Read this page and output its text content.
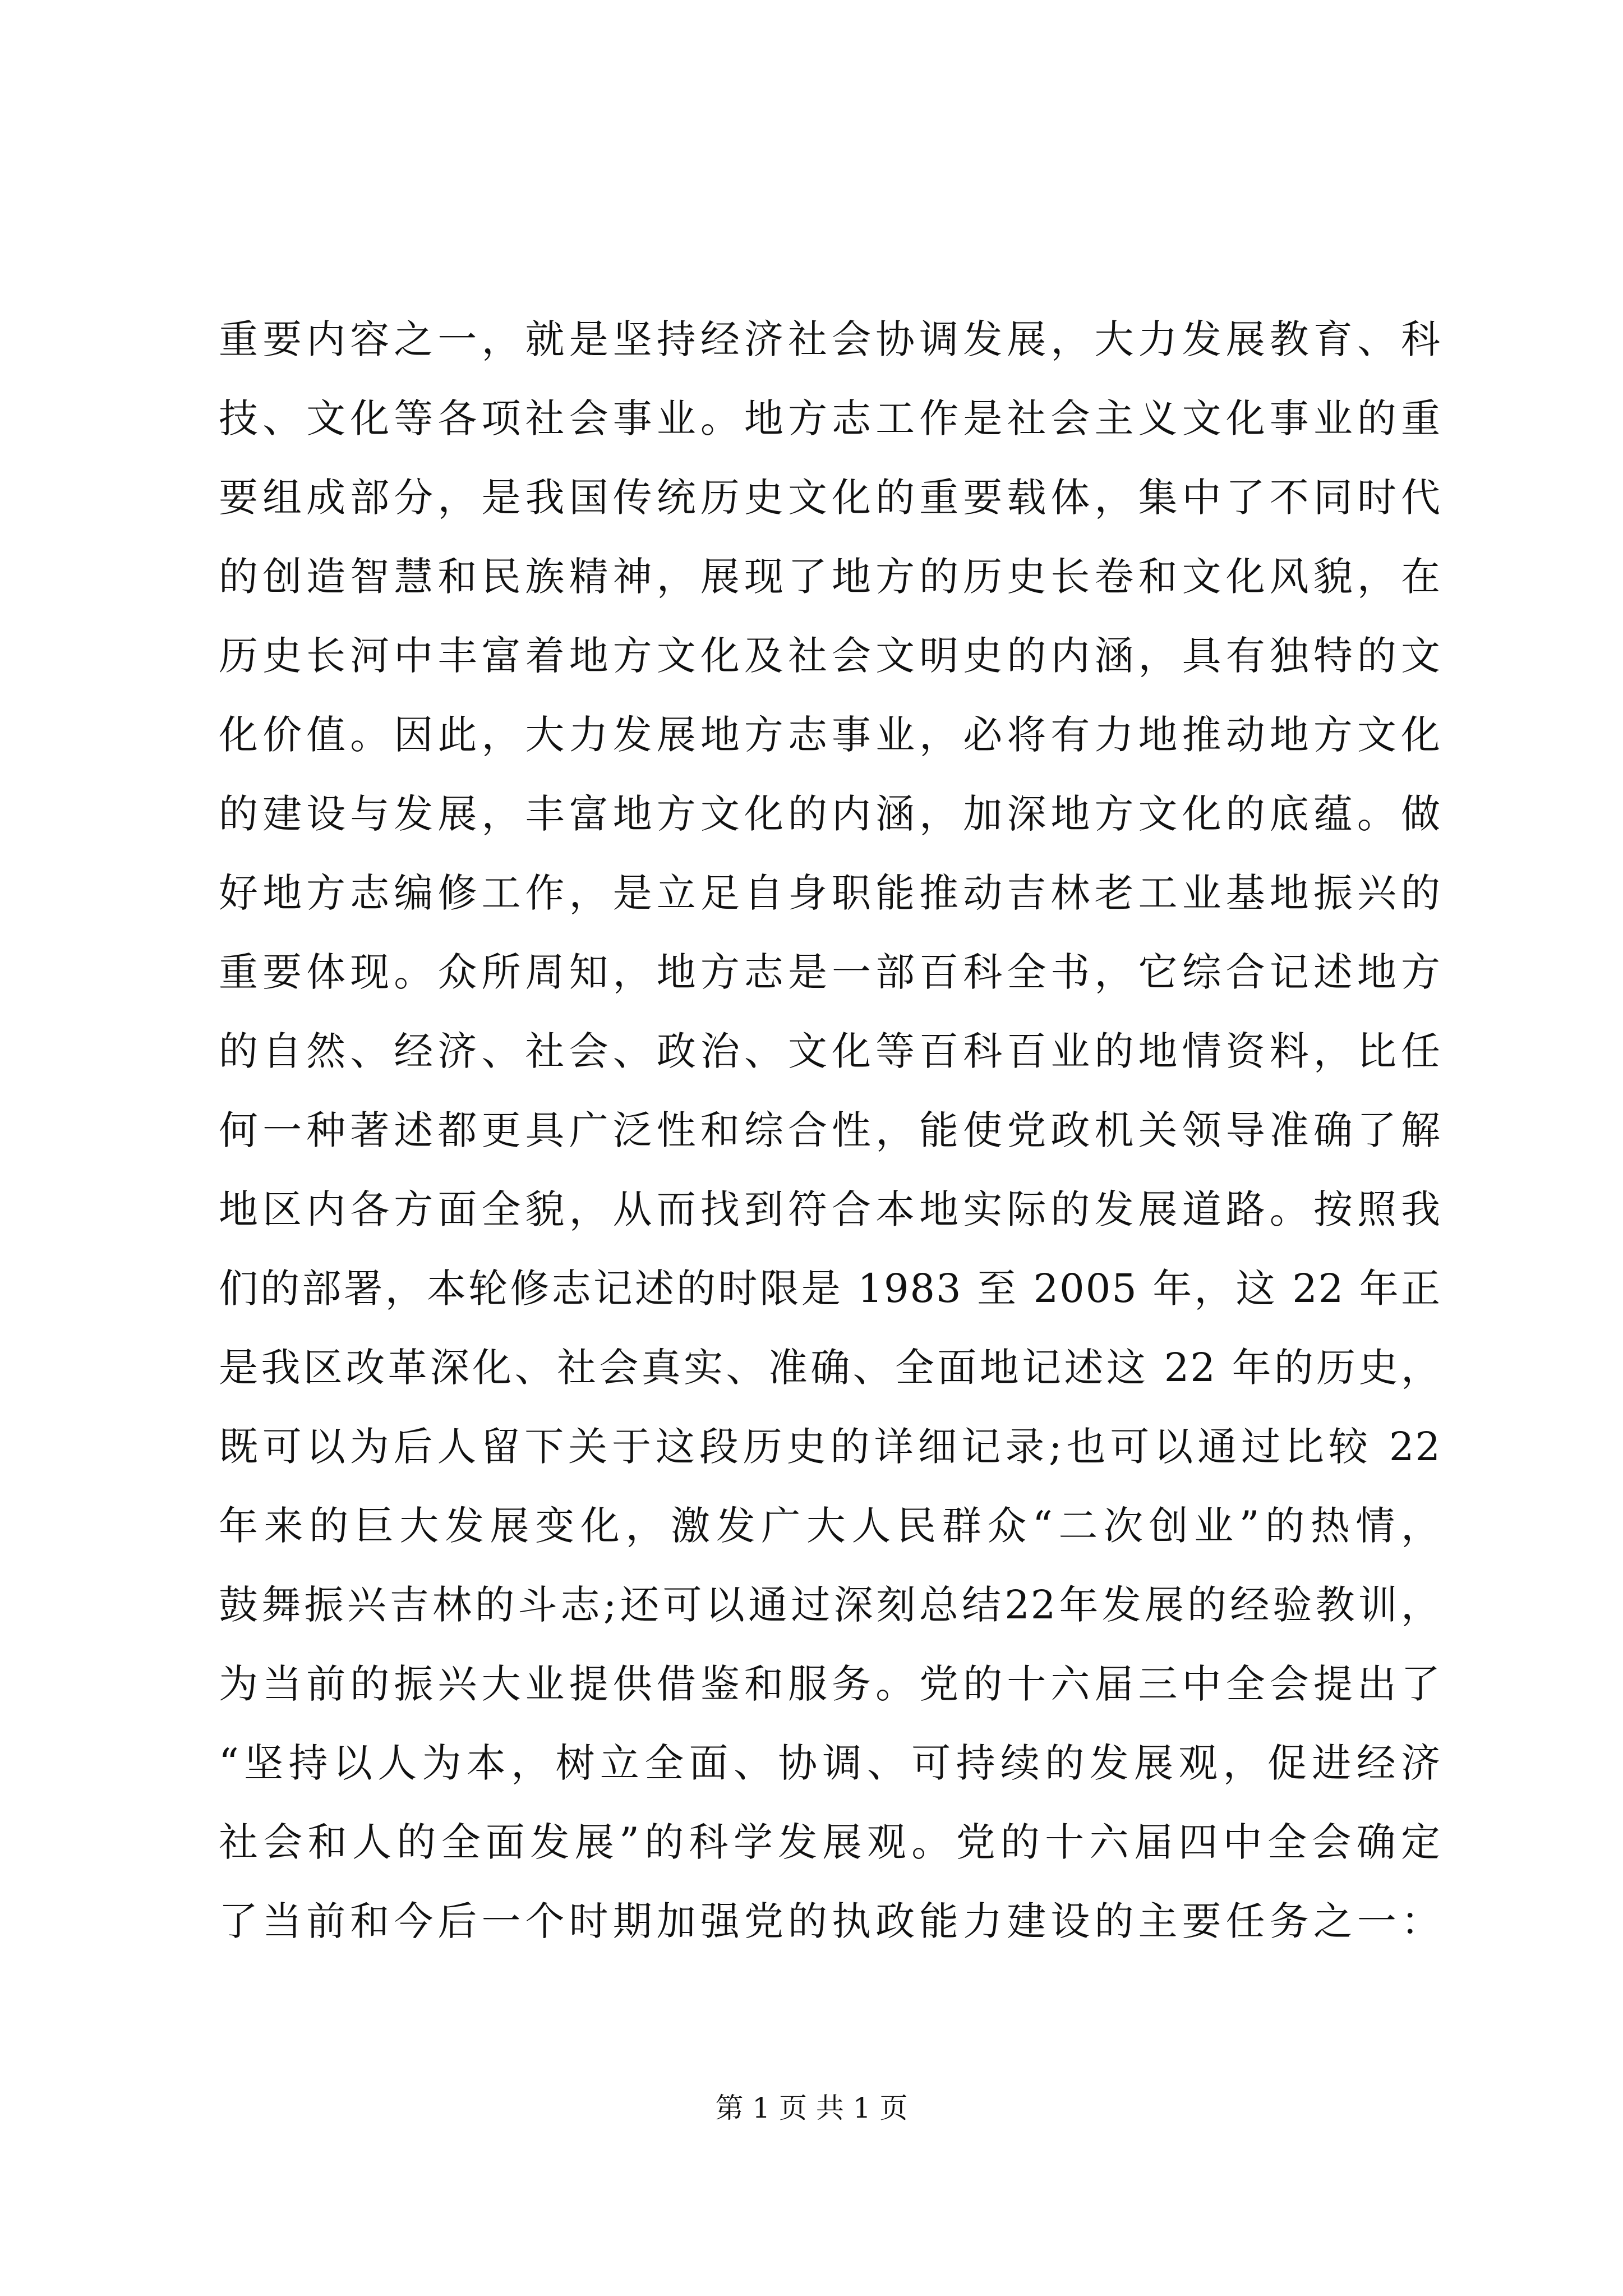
重要内容之一，就是坚持经济社会协调发展，大力发展教育、科
技、文化等各项社会事业。地方志工作是社会主义文化事业的重
要组成部分，是我国传统历史文化的重要载体，集中了不同时代
的创造智慧和民族精神，展现了地方的历史长卷和文化风貌，在
历史长河中丰富着地方文化及社会文明史的内涵，具有独特的文
化价值。因此，大力发展地方志事业，必将有力地推动地方文化
的建设与发展，丰富地方文化的内涵，加深地方文化的底蕴。做
好地方志编修工作，是立足自身职能推动吉林老工业基地振兴的
重要体现。众所周知，地方志是一部百科全书，它综合记述地方
的自然、经济、社会、政治、文化等百科百业的地情资料，比任
何一种著述都更具广泛性和综合性，能使党政机关领导准确了解
地区内各方面全貌，从而找到符合本地实际的发展道路。按照我
们的部署，本轮修志记述的时限是 1983 至 2005 年，这 22 年正
是我区改革深化、社会真实、准确、全面地记述这 22 年的历史，
既可以为后人留下关于这段历史的详细记录;也可以通过比较 22
年来的巨大发展变化，激发广大人民群众“二次创业”的热情，
鼓舞振兴吉林的斗志;还可以通过深刻总结22年发展的经验教训，
为当前的振兴大业提供借鉴和服务。党的十六届三中全会提出了
“坚持以人为本，树立全面、协调、可持续的发展观，促进经济
社会和人的全面发展”的科学发展观。党的十六届四中全会确定
了当前和今后一个时期加强党的执政能力建设的主要任务之一：
第 1 页 共 1 页
